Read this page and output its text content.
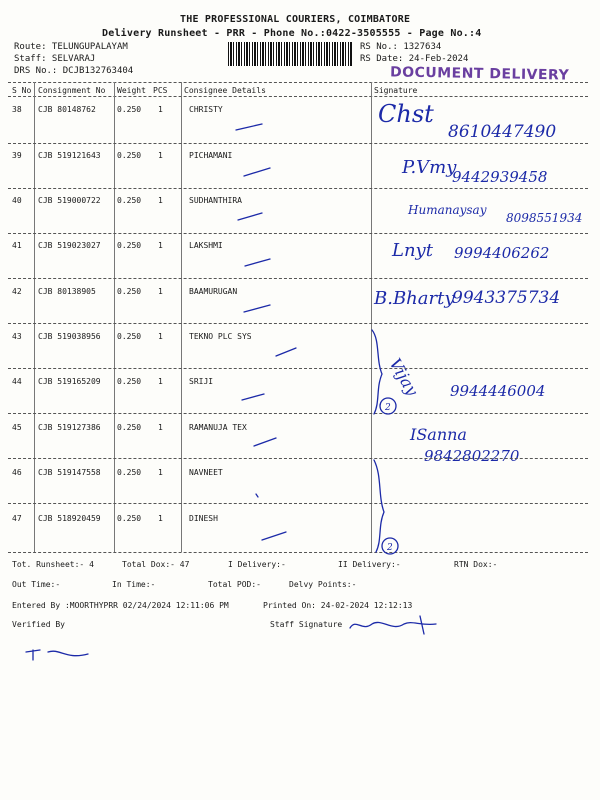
THE PROFESSIONAL COURIERS, COIMBATORE
Delivery Runsheet - PRR - Phone No.:0422-3505555 - Page No.:4
Route: TELUNGUPALAYAM
Staff: SELVARAJ
DRS No.: DCJB132763404
RS No.: 1327634
RS Date: 24-Feb-2024
DOCUMENT DELIVERY
S No Consignment No Weight PCS Consignee Details	Signature
38 CJB 80148762	0.250 1	CHRISTY	Chst
8610447490
39 CJB 519121643 0.250 1	PICHAMANI
P.Vmy
9442939458
40 CJB 519000722 0.250 1	SUDHANTHIRA
Humanaysay
8098551934
41 CJB 519023027 0.250 1	LAKSHMI	Lnyt 9994406262
42 CJB 80138905	0.250 1	BAAMURUGAN	B.Bharty
9943375734
43 CJB 519038956 0.250 1	TEKNO PLC SYS
44 CJB 519165209 0.250 1	SRIJI	Vijay 9944446004
45 CJB 519127386 0.250 1	RAMANUJA TEX	ISanna
9842802270
46 CJB 519147558 0.250 1	NAVNEET
47 CJB 518920459 0.250 1	DINESH
2
2
Tot. Runsheet:- 4	Total Dox:- 47	I Delivery:-	II Delivery:-	RTN Dox:-
Out Time:-	In Time:-	Total POD:-	Delvy Points:-
Entered By :MOORTHYPRR 02/24/2024 12:11:06 PM	Printed On: 24-02-2024 12:12:13
Verified By	Staff Signature
